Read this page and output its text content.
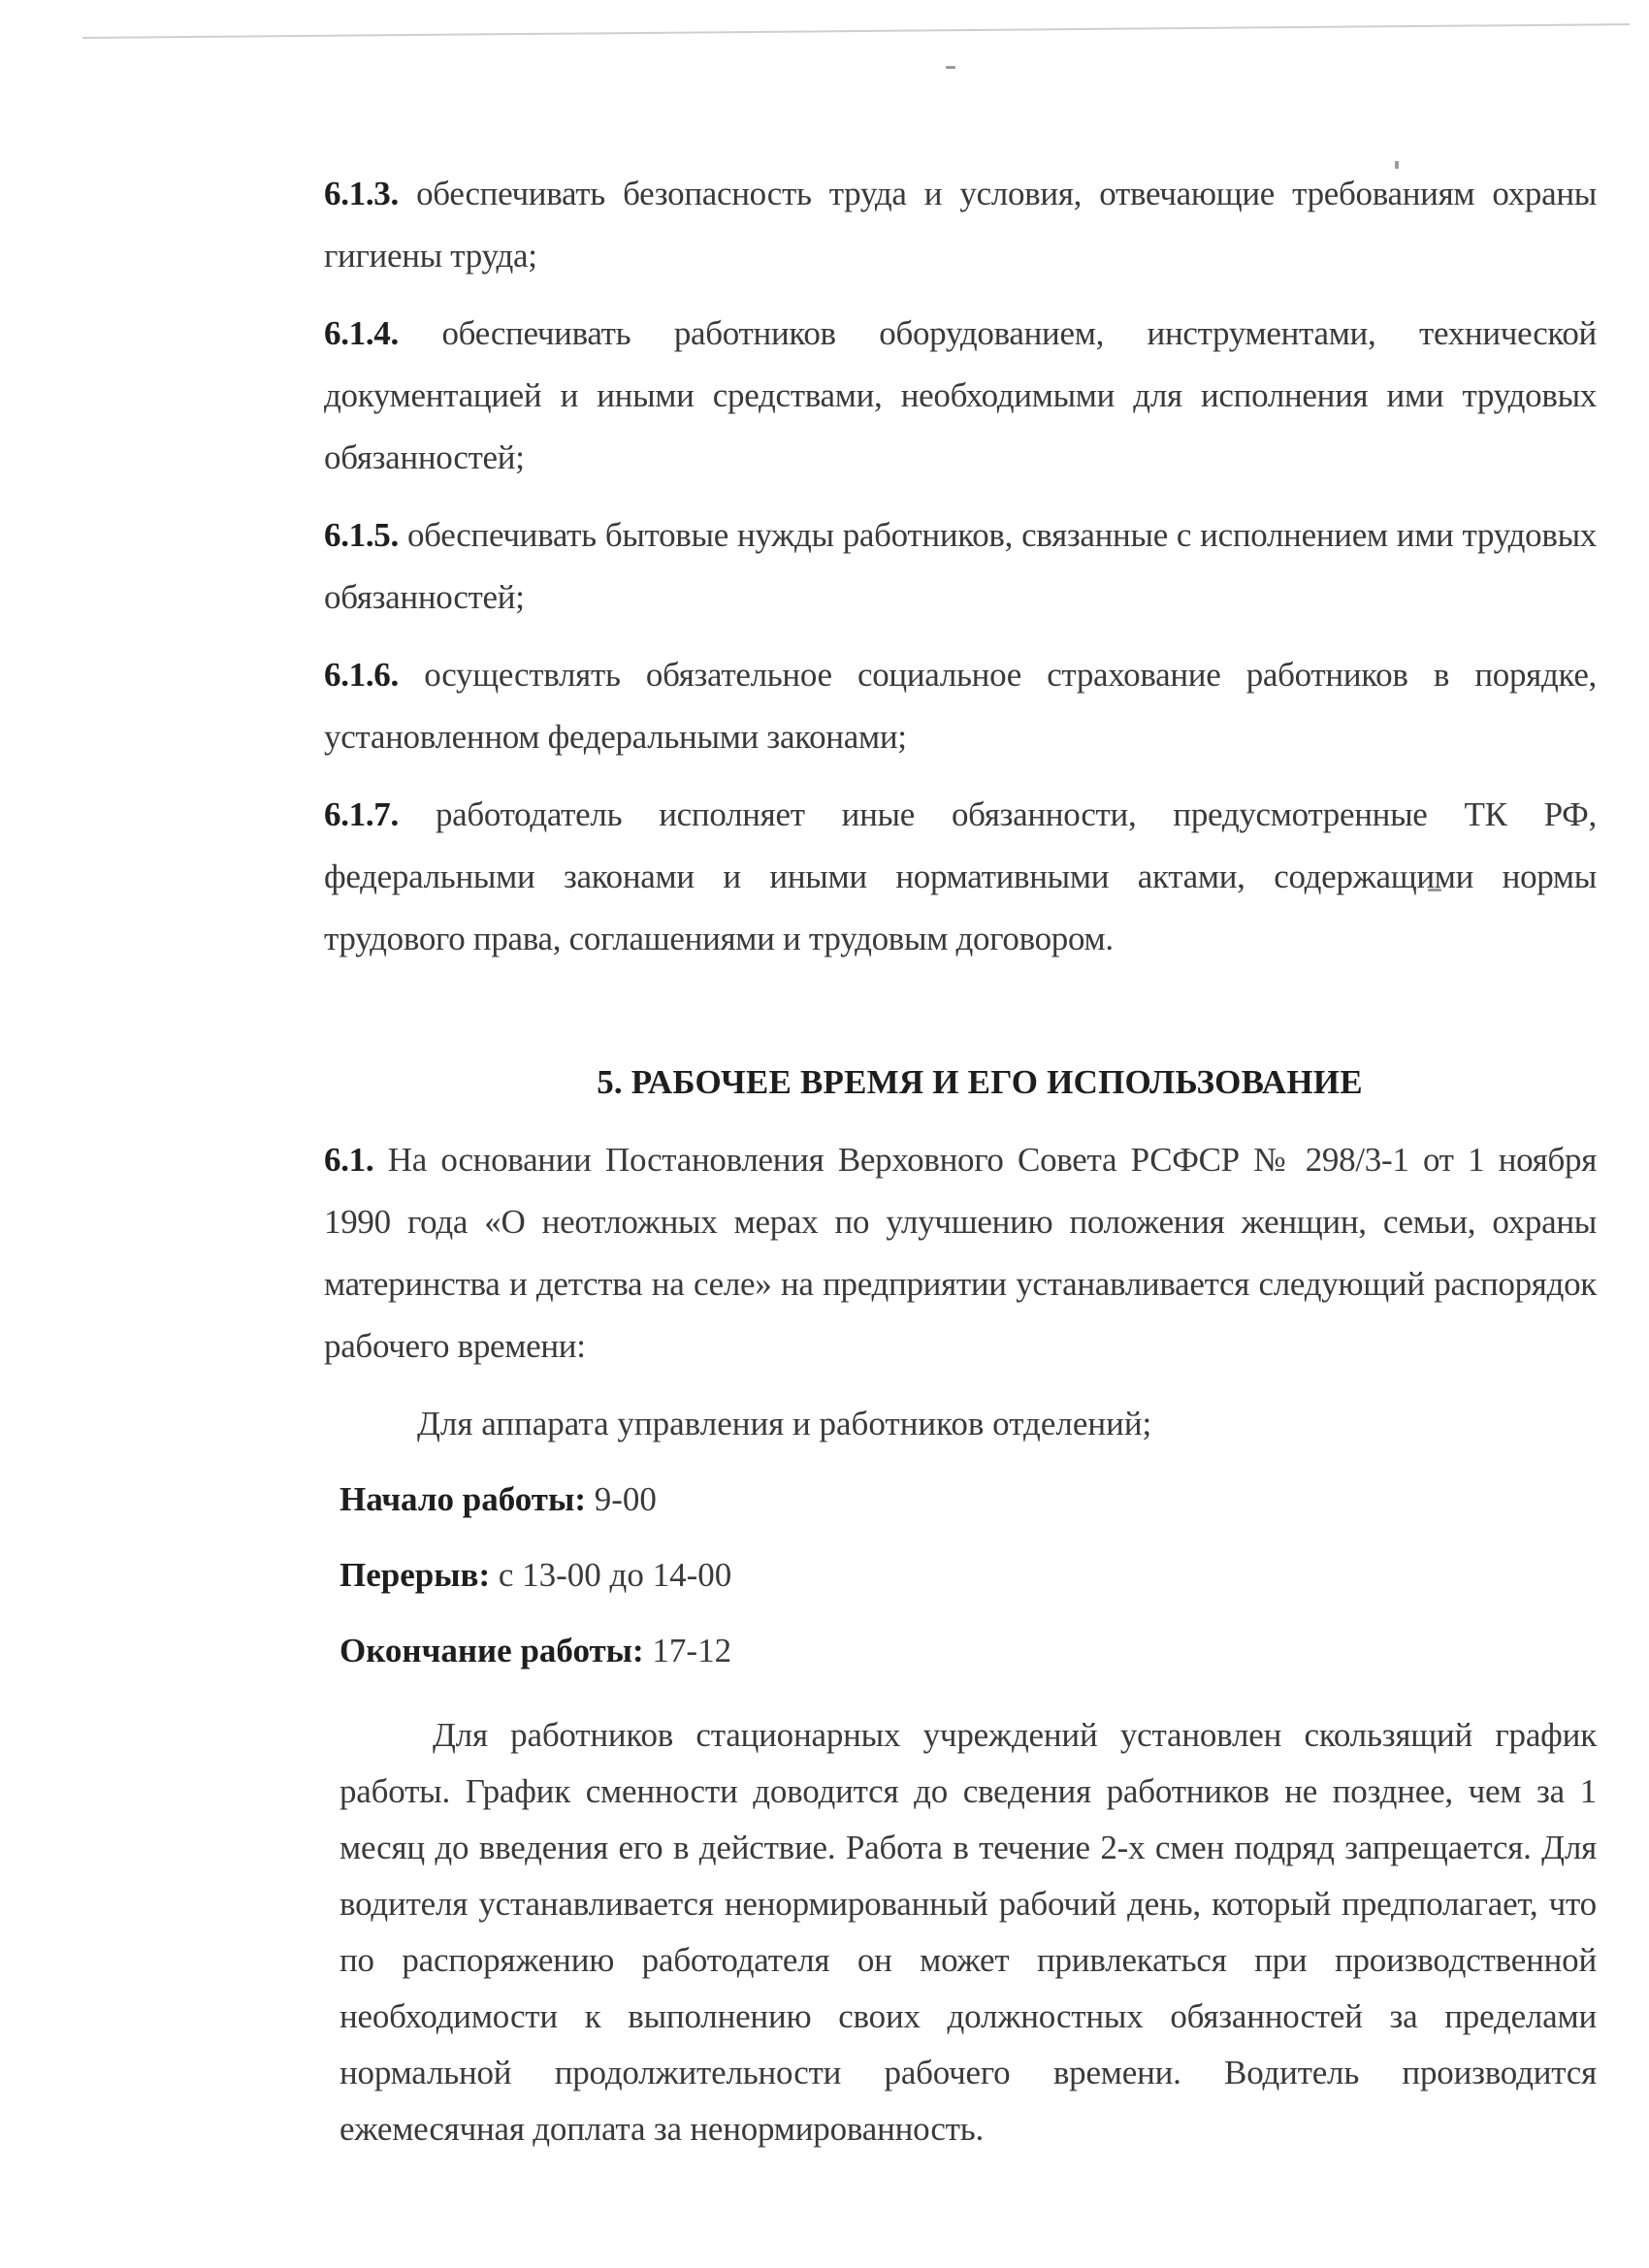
6.1.3. обеспечивать безопасность труда и условия, отвечающие требованиям охраны гигиены труда;

6.1.4. обеспечивать работников оборудованием, инструментами, технической документацией и иными средствами, необходимыми для исполнения ими трудовых обязанностей;

6.1.5. обеспечивать бытовые нужды работников, связанные с исполнением ими трудовых обязанностей;

6.1.6. осуществлять обязательное социальное страхование работников в порядке, установленном федеральными законами;

6.1.7. работодатель исполняет иные обязанности, предусмотренные ТК РФ, федеральными законами и иными нормативными актами, содержащими нормы трудового права, соглашениями и трудовым договором.

5. РАБОЧЕЕ ВРЕМЯ И ЕГО ИСПОЛЬЗОВАНИЕ

6.1. На основании Постановления Верховного Совета РСФСР № 298/3-1 от 1 ноября 1990 года «О неотложных мерах по улучшению положения женщин, семьи, охраны материнства и детства на селе» на предприятии устанавливается следующий распорядок рабочего времени:

Для аппарата управления и работников отделений;

Начало работы: 9-00

Перерыв: с 13-00 до 14-00

Окончание работы: 17-12

Для работников стационарных учреждений установлен скользящий график работы. График сменности доводится до сведения работников не позднее, чем за 1 месяц до введения его в действие. Работа в течение 2-х смен подряд запрещается. Для водителя устанавливается ненормированный рабочий день, который предполагает, что по распоряжению работодателя он может привлекаться при производственной необходимости к выполнению своих должностных обязанностей за пределами нормальной продолжительности рабочего времени. Водитель производится ежемесячная доплата за ненормированность.
